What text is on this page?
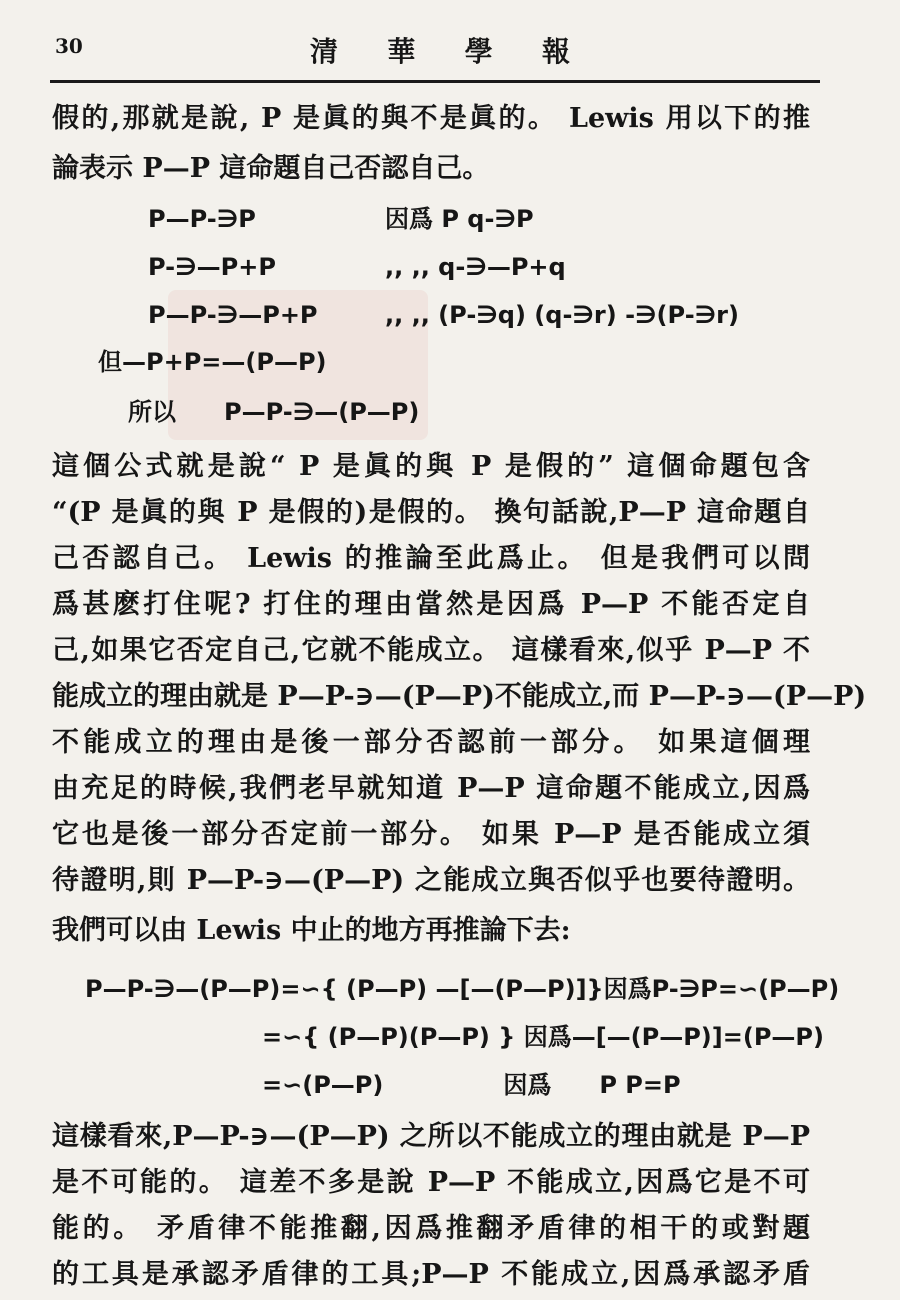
30	清 華 學 報
假的,那就是說, P 是眞的與不是眞的。 Lewis 用以下的推
論表示 P—P 這命題自己否認自己。
P—P-∋P	因爲 P q-∋P
P-∋—P+P	,, ,, q-∋—P+q
P—P-∋—P+P	,, ,, (P-∋q) (q-∋r) -∋(P-∋r)
但—P+P=—(P—P)
所以　　P—P-∋—(P—P)
這個公式就是說“ P 是眞的與 P 是假的” 這個命題包含
“(P 是眞的與 P 是假的)是假的。 換句話說,P—P 這命題自
己否認自己。 Lewis 的推論至此爲止。 但是我們可以問
爲甚麽打住呢? 打住的理由當然是因爲 P—P 不能否定自
己,如果它否定自己,它就不能成立。 這樣看來,似乎 P—P 不
能成立的理由就是 P—P-∋—(P—P)不能成立,而 P—P-∋—(P—P)
不能成立的理由是後一部分否認前一部分。 如果這個理
由充足的時候,我們老早就知道 P—P 這命題不能成立,因爲
它也是後一部分否定前一部分。 如果 P—P 是否能成立須
待證明,則 P—P-∋—(P—P) 之能成立與否似乎也要待證明。
我們可以由 Lewis 中止的地方再推論下去:
P—P-∋—(P—P)=∽{ (P—P) —[—(P—P)]}因爲P-∋P=∽(P—P)
=∽{ (P—P)(P—P) } 因爲—[—(P—P)]=(P—P)
=∽(P—P)　　　　　因爲　　P P=P
這樣看來,P—P-∋—(P—P) 之所以不能成立的理由就是 P—P
是不可能的。 這差不多是說 P—P 不能成立,因爲它是不可
能的。 矛盾律不能推翻,因爲推翻矛盾律的相干的或對題
的工具是承認矛盾律的工具;P—P 不能成立,因爲承認矛盾
